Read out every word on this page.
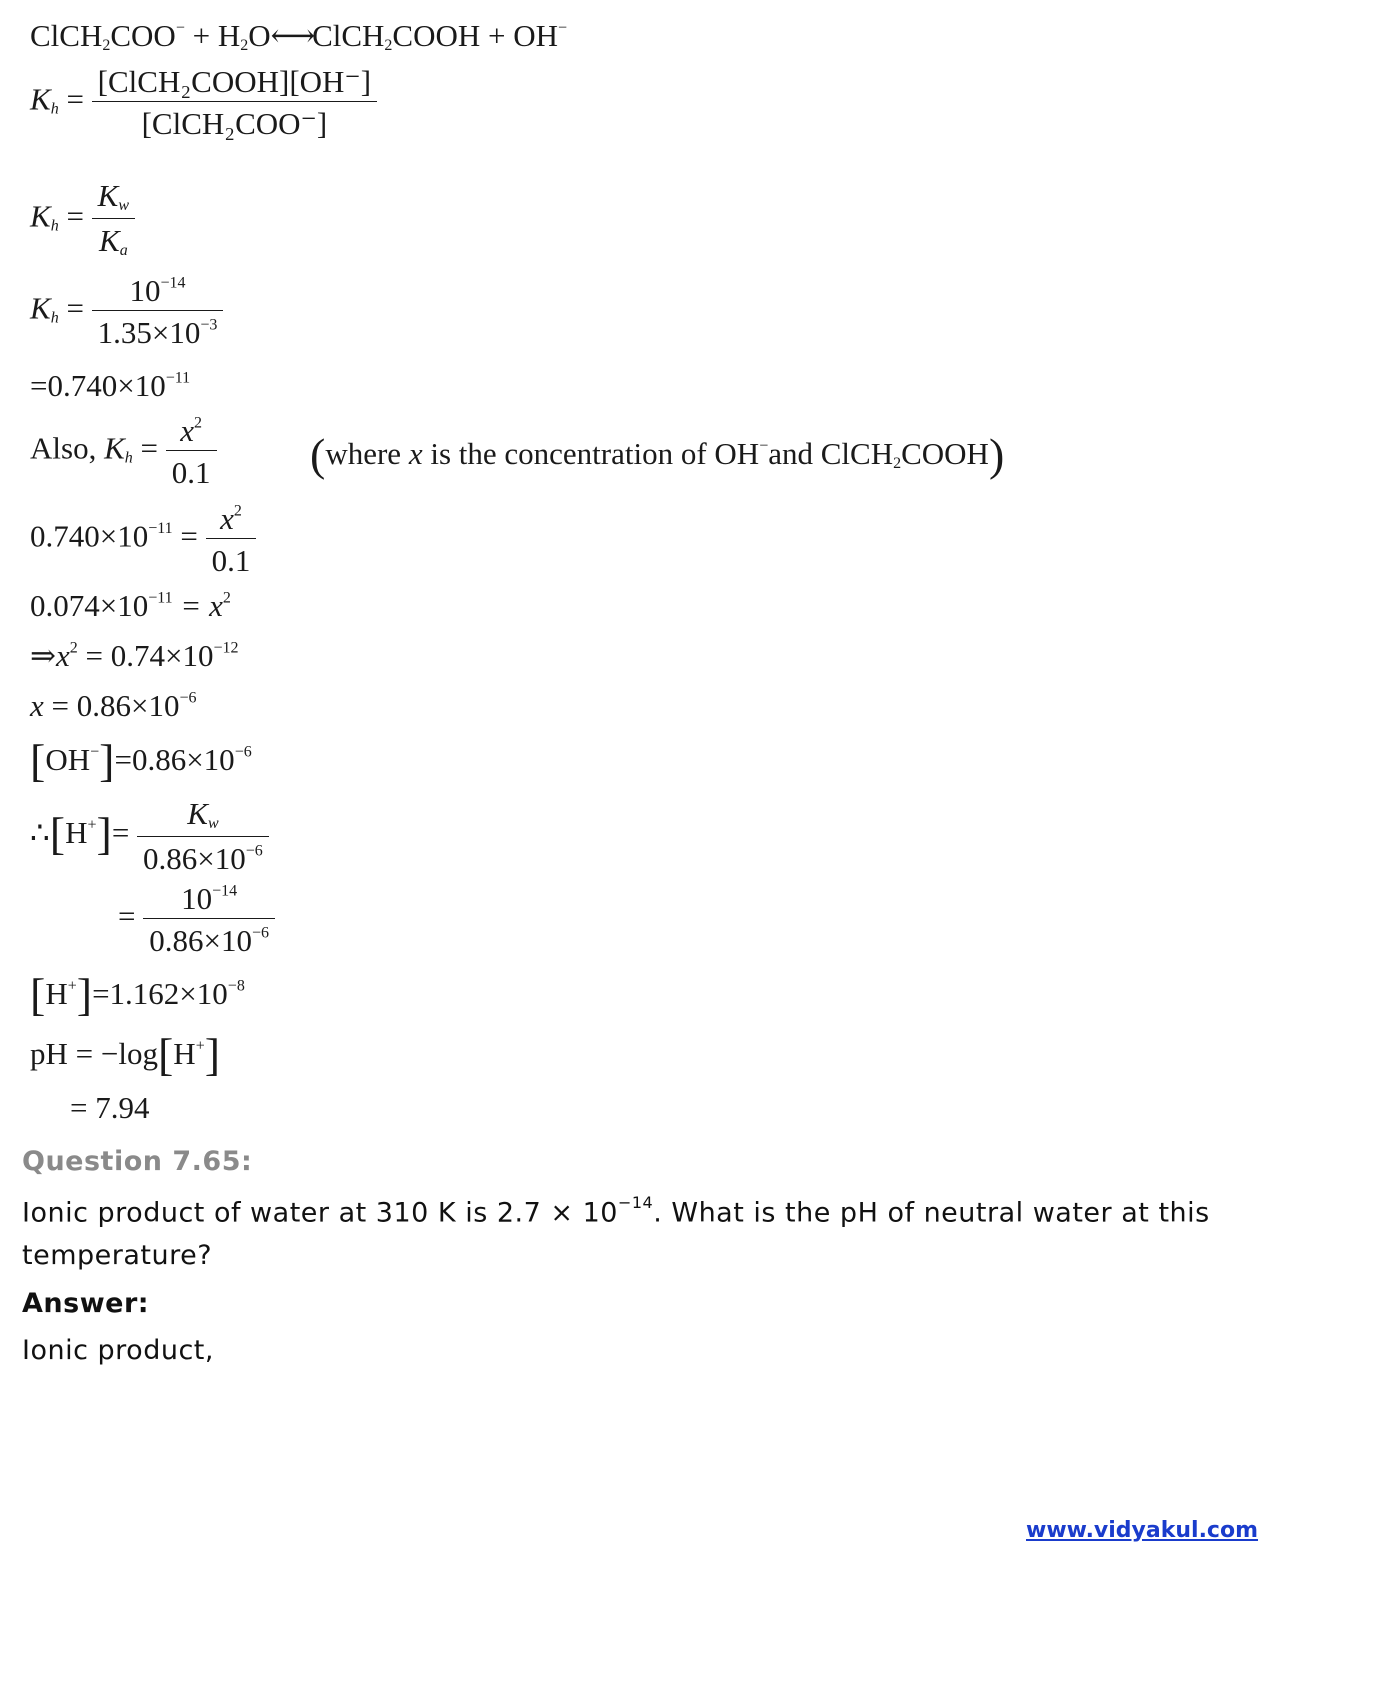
ClCH$_2$COO− + $H_2O⟷ClCH_2COOH + OH^-$
$K_h = \frac{\text{[ClCH₂COOH][OH⁻]}}{\text{[ClCH₂COO⁻]}}$
$K_h = \frac{K_w}{K_a}$
$K_h = \frac{10^{-14}}{1.35\times 10^{-3}}$
$=0.740\times 10^{-11}$
Also, $K_h = \frac{x^2}{0.1}$ (where x is the concentration of OH−and ClCH$_2$COOH)
$0.740\times 10^{-11} = \frac{x^2}{0.1}$
$0.074\times 10^{-11} = x^2$
$\Rightarrow x^2 = 0.74\times 10^{-12}$
$x = 0.86\times 10^{-6}$
$[OH^-]=0.86\times 10^{-6}$
∴[H+]= $\frac{K_w}{0.86\times 10^{-6}}$
= $\frac{10^{-14}}{0.86\times 10^{-6}}$
$[H^+]=1.162\times 10^{-8}$
pH = −log[H+]
= 7.94
Question 7.65:
Ionic product of water at 310 K is $2.7 \times 10^{-14}$. What is the pH of neutral water at this
temperature?
Answer:
Ionic product,
www.vidyakul.com
